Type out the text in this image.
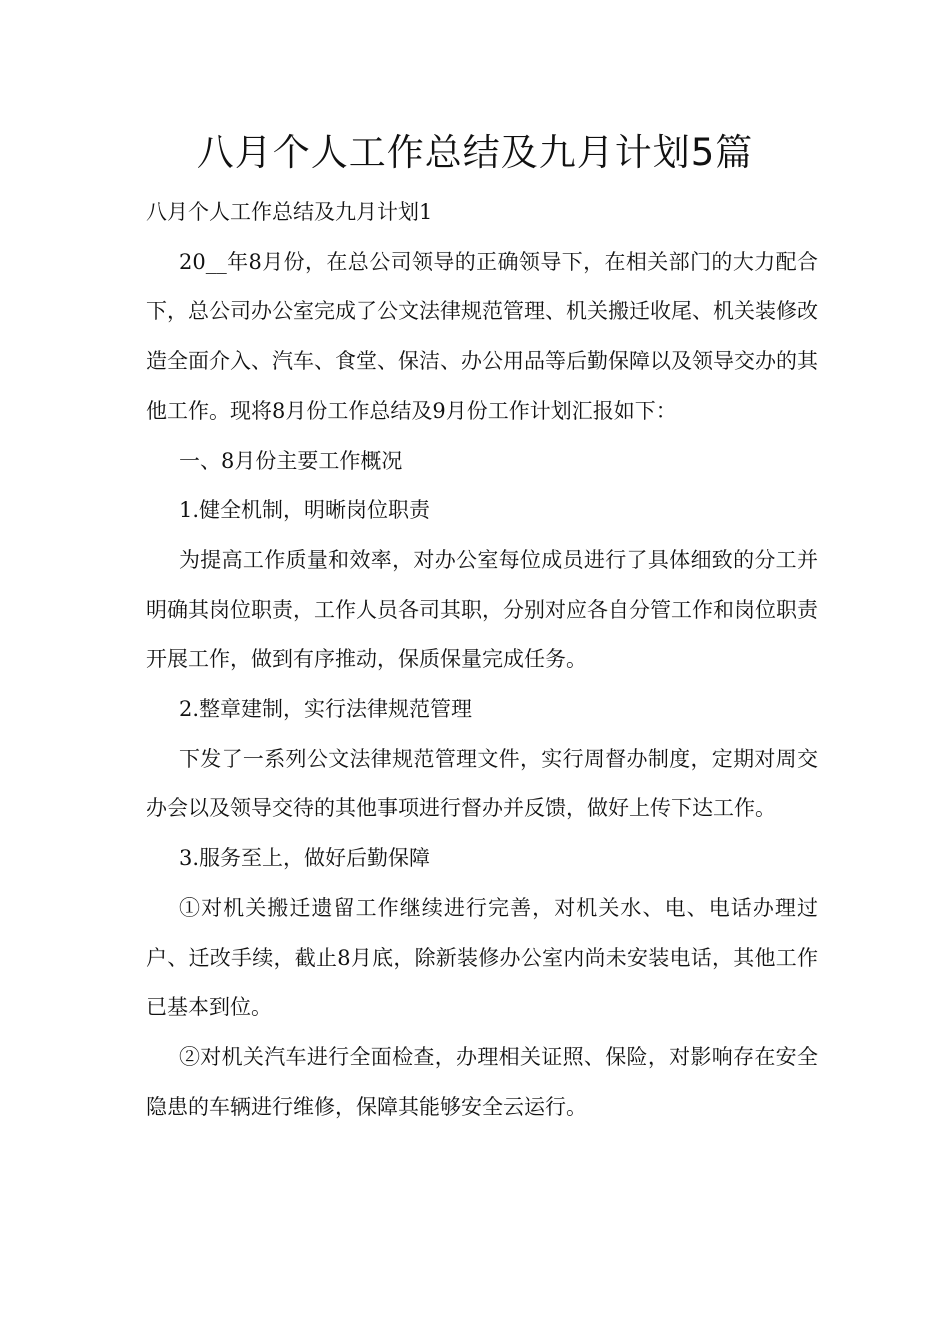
八月个人工作总结及九月计划5篇

八月个人工作总结及九月计划1

20__年8月份，在总公司领导的正确领导下，在相关部门的大力配合下，总公司办公室完成了公文法律规范管理、机关搬迁收尾、机关装修改造全面介入、汽车、食堂、保洁、办公用品等后勤保障以及领导交办的其他工作。现将8月份工作总结及9月份工作计划汇报如下：

一、8月份主要工作概况

1.健全机制，明晰岗位职责

为提高工作质量和效率，对办公室每位成员进行了具体细致的分工并明确其岗位职责，工作人员各司其职，分别对应各自分管工作和岗位职责开展工作，做到有序推动，保质保量完成任务。

2.整章建制，实行法律规范管理

下发了一系列公文法律规范管理文件，实行周督办制度，定期对周交办会以及领导交待的其他事项进行督办并反馈，做好上传下达工作。

3.服务至上，做好后勤保障

①对机关搬迁遗留工作继续进行完善，对机关水、电、电话办理过户、迁改手续，截止8月底，除新装修办公室内尚未安装电话，其他工作已基本到位。

②对机关汽车进行全面检查，办理相关证照、保险，对影响存在安全隐患的车辆进行维修，保障其能够安全云运行。
